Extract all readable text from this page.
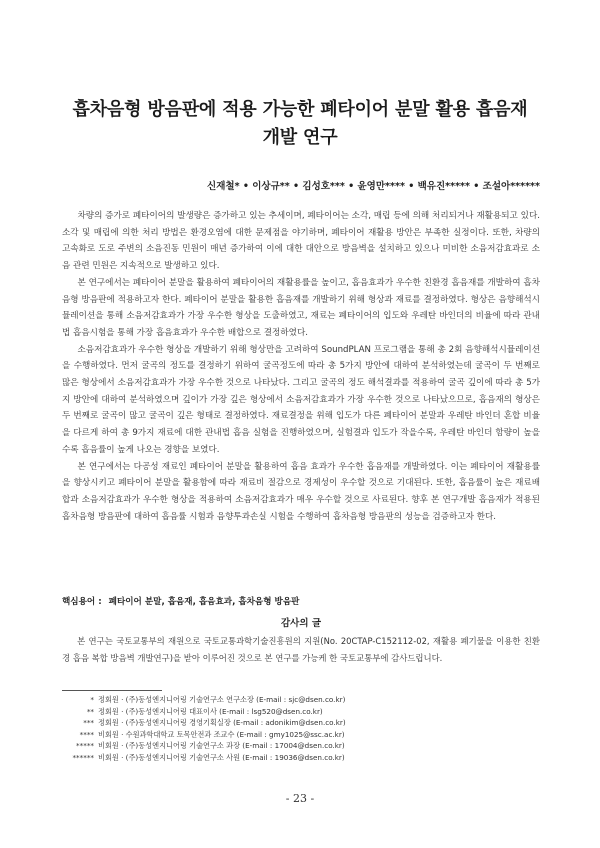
흡차음형 방음판에 적용 가능한 폐타이어 분말 활용 흡음재
개발 연구
신재철* • 이상규** • 김성호*** • 윤영만**** • 백유진***** • 조설아******

차량의 증가로 폐타이어의 발생량은 증가하고 있는 추세이며, 폐타이어는 소각, 매립 등에 의해 처리되거나 재활용되고 있다. 소각 및 매립에 의한 처리 방법은 환경오염에 대한 문제점을 야기하며, 폐타이어 재활용 방안은 부족한 실정이다. 또한, 차량의 고속화로 도로 주변의 소음진동 민원이 매년 증가하여 이에 대한 대안으로 방음벽을 설치하고 있으나 미비한 소음저감효과로 소음 관련 민원은 지속적으로 발생하고 있다.

본 연구에서는 폐타이어 분말을 활용하여 폐타이어의 재활용률을 높이고, 흡음효과가 우수한 친환경 흡음재를 개발하여 흡차음형 방음판에 적용하고자 한다. 폐타이어 분말을 활용한 흡음재를 개발하기 위해 형상과 재료를 결정하였다. 형상은 음향해석시뮬레이션을 통해 소음저감효과가 가장 우수한 형상을 도출하였고, 재료는 폐타이어의 입도와 우레탄 바인더의 비율에 따라 관내법 흡음시험을 통해 가장 흡음효과가 우수한 배합으로 결정하였다.

소음저감효과가 우수한 형상을 개발하기 위해 형상만을 고려하여 SoundPLAN 프로그램을 통해 총 2회 음향해석시뮬레이션을 수행하였다. 먼저 굴곡의 정도를 결정하기 위하여 굴곡정도에 따라 총 5가지 방안에 대하여 분석하였는데 굴곡이 두 번째로 많은 형상에서 소음저감효과가 가장 우수한 것으로 나타났다. 그리고 굴곡의 정도 해석결과를 적용하여 굴곡 깊이에 따라 총 5가지 방안에 대하여 분석하였으며 깊이가 가장 깊은 형상에서 소음저감효과가 가장 우수한 것으로 나타났으므로, 흡음재의 형상은 두 번째로 굴곡이 많고 굴곡이 깊은 형태로 결정하였다. 재료결정을 위해 입도가 다른 폐타이어 분말과 우레탄 바인더 혼합 비율을 다르게 하여 총 9가지 재료에 대한 관내법 흡음 실험을 진행하였으며, 실험결과 입도가 작을수록, 우레탄 바인더 함량이 높을수록 흡음률이 높게 나오는 경향을 보였다.

본 연구에서는 다공성 재료인 폐타이어 분말을 활용하여 흡음 효과가 우수한 흡음재를 개발하였다. 이는 폐타이어 재활용률을 향상시키고 폐타이어 분말을 활용함에 따라 재료비 절감으로 경제성이 우수할 것으로 기대된다. 또한, 흡음률이 높은 재료배합과 소음저감효과가 우수한 형상을 적용하여 소음저감효과가 매우 우수할 것으로 사료된다. 향후 본 연구개발 흡음재가 적용된 흡차음형 방음판에 대하여 흡음률 시험과 음향투과손실 시험을 수행하여 흡차음형 방음판의 성능을 검증하고자 한다.

핵심용어 : 폐타이어 분말, 흡음재, 흡음효과, 흡차음형 방음판
감사의 글
본 연구는 국토교통부의 재원으로 국토교통과학기술진흥원의 지원(No. 20CTAP-C152112-02, 재활용 폐기물을 이용한 친환경 흡음 복합 방음벽 개발연구)을 받아 이루어진 것으로 본 연구를 가능케 한 국토교통부에 감사드립니다.
* 정회원 · (주)동성엔지니어링 기술연구소 연구소장 (E-mail : sjc@dsen.co.kr)
** 정회원 · (주)동성엔지니어링 대표이사 (E-mail : lsg520@dsen.co.kr)
*** 정회원 · (주)동성엔지니어링 경영기획실장 (E-mail : adonikim@dsen.co.kr)
**** 비회원 · 수원과학대학교 토목안전과 조교수 (E-mail : gmy1025@ssc.ac.kr)
***** 비회원 · (주)동성엔지니어링 기술연구소 과장 (E-mail : 17004@dsen.co.kr)
****** 비회원 · (주)동성엔지니어링 기술연구소 사원 (E-mail : 19036@dsen.co.kr)
- 23 -
